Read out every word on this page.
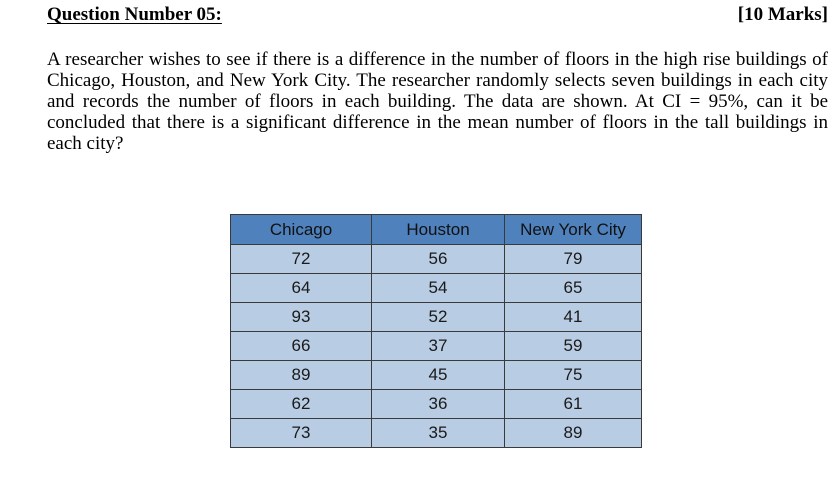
Question Number 05:	[10 Marks]
A researcher wishes to see if there is a difference in the number of floors in the high rise buildings of Chicago, Houston, and New York City. The researcher randomly selects seven buildings in each city and records the number of floors in each building. The data are shown. At CI = 95%, can it be concluded that there is a significant difference in the mean number of floors in the tall buildings in each city?
Chicago	Houston	New York City
72	56	79
64	54	65
93	52	41
66	37	59
89	45	75
62	36	61
73	35	89
